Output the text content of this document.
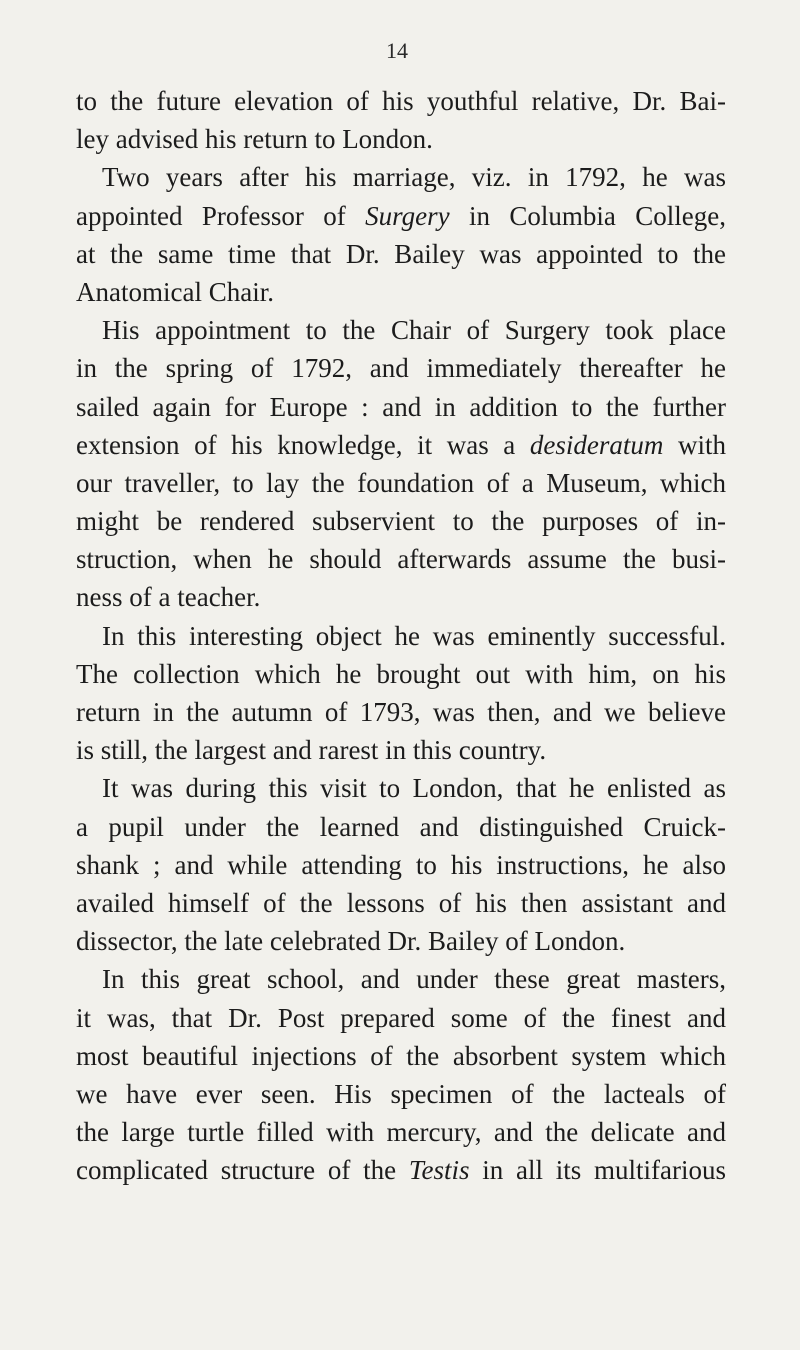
14
to the future elevation of his youthful relative, Dr. Bai-
ley advised his return to London.
Two years after his marriage, viz. in 1792, he was
appointed Professor of Surgery in Columbia College,
at the same time that Dr. Bailey was appointed to the
Anatomical Chair.
His appointment to the Chair of Surgery took place
in the spring of 1792, and immediately thereafter he
sailed again for Europe : and in addition to the further
extension of his knowledge, it was a desideratum with
our traveller, to lay the foundation of a Museum, which
might be rendered subservient to the purposes of in-
struction, when he should afterwards assume the busi-
ness of a teacher.
In this interesting object he was eminently successful.
The collection which he brought out with him, on his
return in the autumn of 1793, was then, and we believe
is still, the largest and rarest in this country.
It was during this visit to London, that he enlisted as
a pupil under the learned and distinguished Cruick-
shank ; and while attending to his instructions, he also
availed himself of the lessons of his then assistant and
dissector, the late celebrated Dr. Bailey of London.
In this great school, and under these great masters,
it was, that Dr. Post prepared some of the finest and
most beautiful injections of the absorbent system which
we have ever seen. His specimen of the lacteals of
the large turtle filled with mercury, and the delicate and
complicated structure of the Testis in all its multifarious
